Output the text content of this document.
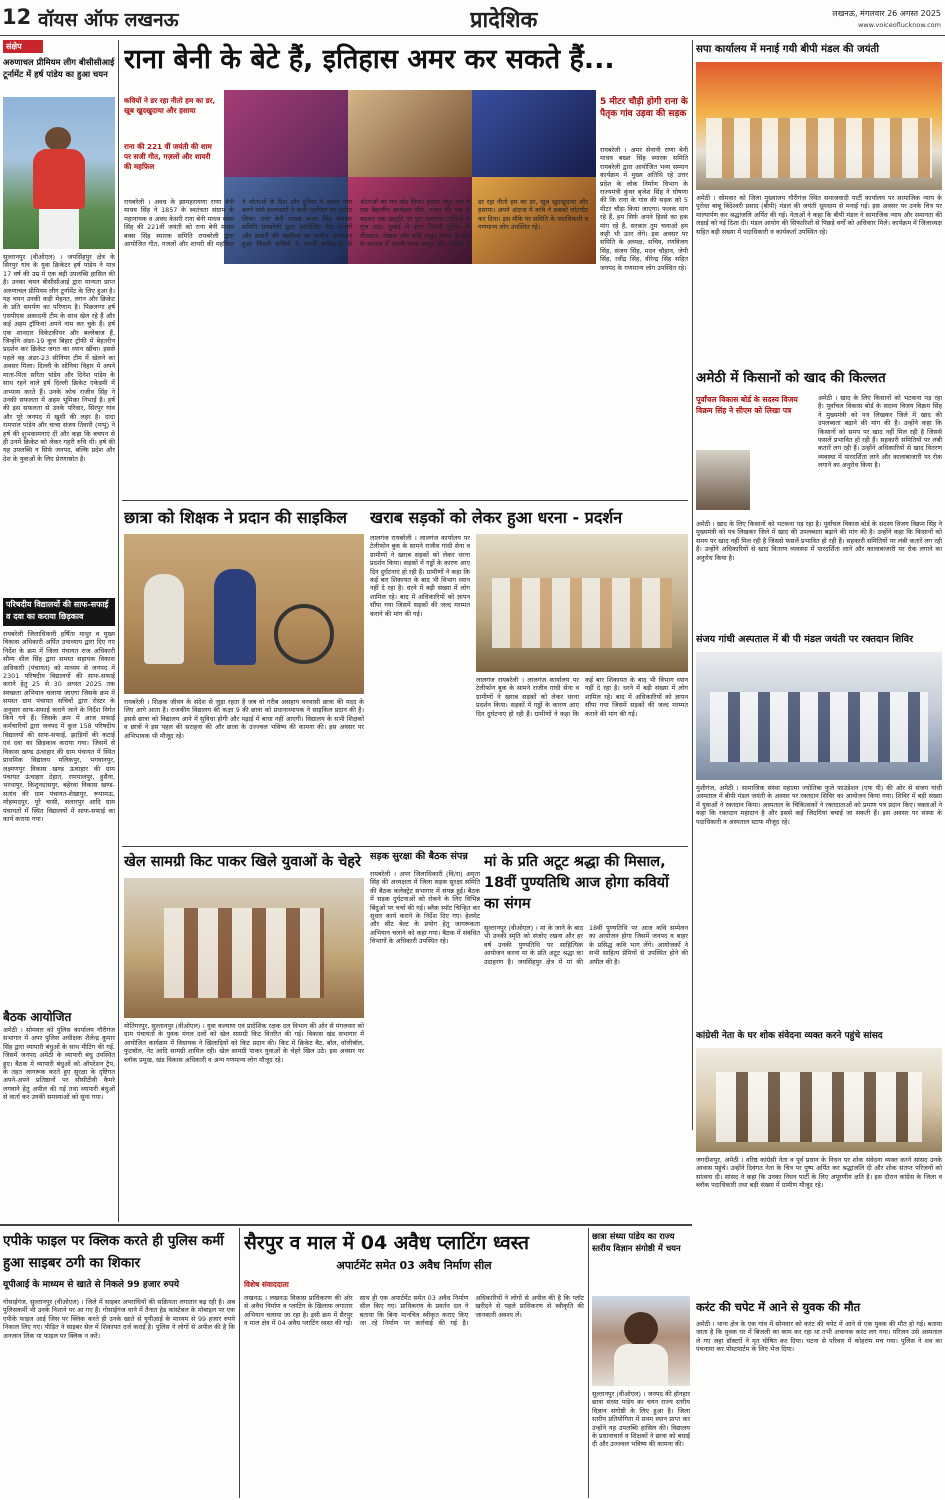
12 वॉयस ऑफ लखनऊ	प्रादेशिक	लखनऊ, मंगलवार 26 अगस्त 2025
www.voiceoflucknow.com
संक्षेप
अरुणाचल प्रीमियम लीग बीसीसीआई टूर्नामेंट में हर्ष पांडेय का हुआ चयन
सुल्तानपुर (वीओएल) । जयसिंहपुर क्षेत्र के सिरपुर गांव के युवा क्रिकेटर हर्ष पांडेय ने मात्र 17 वर्ष की उम्र में एक बड़ी उपलब्धि हासिल की है। उनका चयन बीसीसीआई द्वारा मान्यता प्राप्त अरुणाचल प्रीमियम लीग टूर्नामेंट के लिए हुआ है। यह चयन उनकी कड़ी मेहनत, लगन और क्रिकेट के प्रति समर्पण का परिणाम है। पिछलग्गा हर्ष एसपीएस अकादमी टीम के साथ खेल रहे हैं और कई अहम ट्रॉफियां अपने नाम कर चुके हैं। हर्ष एक शानदार विकेटकीपर और बल्लेबाज हैं, जिन्होंने अंडर-19 कूच बिहार ट्रॉफी में बेहतरीन प्रदर्शन कर क्रिकेट जगत का ध्यान खींचा। इससे पहले वह अंडर-23 सीनियर टीम में खेलने का अवसर मिला। दिल्ली के सोनिया विहार में अपने माता-पिता सरिता पांडेय और दिनेश पांडेय के साथ रहने वाले हर्ष दिल्ली क्रिकेट एकेडमी में अभ्यास करते हैं। उनके कोच राजीव सिंह ने उनकी सफलता में अहम भूमिका निभाई है। हर्ष की इस सफलता से उनके परिवार, सिरपुर गांव और पूरे जनपद में खुशी की लहर है। दादा रामपाल पांडेय और चाचा संजय तिवारी (पप्पू) ने हर्ष की शुभकामनाएं दीं और कहा कि बचपन से ही उनमें क्रिकेट को लेकर गहरी रुचि थी। हर्ष की यह उपलब्धि न सिर्फ जनपद, बल्कि प्रदेश और देश के युवाओं के लिए प्रेरणास्रोत है।
परिषदीय विद्यालयों की साफ-सफाई व दवा का कराया छिड़काव
रायबरेली जिलाधिकारी हर्षिता माथुर व मुख्य विकास अधिकारी अर्पित उपाध्याय द्वारा दिए गए निर्देश के क्रम में जिला पंचायत राज अधिकारी सौम्य शील सिंह द्वारा समस्त सहायक विकास अधिकारी (पंचायत) को माध्यम से जनपद में 2301 परिषदीय विद्यालयों की साफ-सफाई कराने हेतु 25 से 30 अगस्त 2025 तक स्वच्छता अभियान चलाया जाएगा जिसके क्रम में समस्त ग्राम पंचायत सचिवों द्वारा रोस्टर के अनुसार साफ-सफाई कराने जाने के निर्देश निर्गत किये गये हैं। जिसके क्रम में आज सफाई कर्मचारियों द्वारा जनपद में कुल 158 परिषदीय विद्यालयों की साफ-सफाई, झाड़ियों की कटाई एवं दवा का छिड़काव कराया गया। जिसमें से विकास खण्ड ऊंचाहार की ग्राम पंचायत में स्थित प्राथमिक विद्यालय मलिकपुर, भगवानपुर, लक्ष्मणपुर विकास खण्ड ऊंचाहार की ग्राम पंचायत ऊंचाहार देहात, रामपालपुर, हुसैना, भरथापुर, किशुनदासपुर, बहेरवा विकास खण्ड- सतांव की ग्राम पंचायत-शेखापुर, रूपामऊ, मोहम्मदपुर, पूरे चासी, सलारपुर आदि ग्राम पंचायतों में स्थित विद्यालयों में साफ-सफाई का कार्य कराया गया।
बैठक आयोजित
अमेठी । सोमवार को पुलिस कार्यालय गौरीगंज सभागार में अपर पुलिस अधीक्षक शैलेन्द्र कुमार सिंह द्वारा व्यापारी बंधुओं के साथ मीटिंग की गई, जिसमें जनपद अमेठी के व्यापारी बंधु उपस्थित हुए। बैठक में व्यापारी बंधुओं को ऑपरेशन ट्रैप, के तहत जागरूक करते हुए सुरक्षा के दृष्टिगत अपने-अपने प्रतिष्ठानों पर सीसीटीवी कैमरे लगवाने हेतु अपील की गई तथा व्यापारी बंधुओं से वार्ता कर उनकी समस्याओं को सुना गया।
राना बेनी के बेटे हैं, इतिहास अमर कर सकते हैं...
कवियों ने डर रहा नीतो हम का डर, खूब खुदखुदाया और हसाया
राना की 221 वीं जयंती की शाम पर सजी गीत, गज़लों और शायरी की महफ़िल
रायबरेली । अवध के झामहरायणा राणा बेनी माधव सिंह ने 1857 के स्वतंत्रता संग्राम के महानायक व अवध केसरी राना बेनी माधव बक्स सिंह की 221वीं जयंती को राना बेनी माधव बक्स सिंह स्मारक समिति रायबरेली द्वारा आयोजित गीत, गजलों और शायरी की महफिल ने श्रोताओं के दिल और दुनिया में अपना नाम करने वाले कलाकारों ने सजी महफिल का आनंद लिया। राना बेनी माधव बक्स सिंह स्मारक समिति रायबरेली द्वारा आयोजित गीत गजलों और शायरी की महफिल का सजीव आयोजन हुआ जिसमें कवियों ने अपनी कविताओं से श्रोताओं का मन मोह लिया। हरदम मधुर स्वर में एक बेहतरीन कार्यक्रम गीत, गजल की एक से बढ़कर एक प्रस्तुति पर पूरा सभागार तालियों से गूंज उठा। मुम्बई से आए फिल्मी दुनिया के गीतकार, लेखक और कवि प्रखुद नीरज ने राना के सम्मान में अपनी रचना प्रस्तुत की। कवियों ने डर रहा नीतो हम का डर, खूब खुदखुदाया और हसाया। अपने अंदाज में कवि ने सबको लोटपोट कर दिया। इस मौके पर समिति के पदाधिकारी व गणमान्य लोग उपस्थित रहे।
5 मीटर चौड़ी होगी राना के पैतृक गांव उड़वा की सड़क
रायबरेली । अमर सेनानी राणा बेनी माधव बख्श सिंह स्मारक समिति रायबरेली द्वारा आयोजित भव्य सम्मान कार्यक्रम में मुख्य अतिथि रहे उत्तर प्रदेश के लोक निर्माण विभाग के राज्यमंत्री कुंवर बृजेश सिंह ने घोषणा की कि राना के गांव की सड़क को 5 मीटर चौड़ा किया जाएगा। फलक मांग रहे हैं, हम सिर्फ अपने हिस्से का हक मांग रहे हैं, सरकार तुम चलाओ हम कही भी उतर लेंगे। इस अवसर पर समिति के अध्यक्ष, सचिव, रणविजय सिंह, संजय सिंह, मदन चौहान, जेपी सिंह, रवींद्र सिंह, वीरेन्द्र सिंह सहित जनपद के गणमान्य लोग उपस्थित रहे।
छात्रा को शिक्षक ने प्रदान की साइकिल
रायबरेली । शिक्षक जीवन के संदेश से जुड़ा रहता है जब वो गरीब असहाय वनवासी छात्रा की मदद के लिए आगे आता है। राजकीय विद्यालय की कक्षा 9 की छात्रा को प्रधानाध्यापक ने साइकिल प्रदान की है। इससे छात्रा को विद्यालय आने में सुविधा होगी और पढ़ाई में बाधा नहीं आएगी। विद्यालय के सभी शिक्षकों व छात्रों ने इस पहल की सराहना की और छात्रा के उज्ज्वल भविष्य की कामना की। इस अवसर पर अभिभावक भी मौजूद रहे।
खराब सड़कों को लेकर हुआ धरना - प्रदर्शन
लालगंज रायबरेली । लालगंज कार्यालय पर टेलीफोन बुक के सामने राजीव गांधी सेना व ग्रामीणों ने खराब सड़कों को लेकर धरना प्रदर्शन किया। सड़कों में गड्ढों के कारण आए दिन दुर्घटनाएं हो रही हैं। ग्रामीणों ने कहा कि कई बार शिकायत के बाद भी विभाग ध्यान नहीं दे रहा है। धरने में बड़ी संख्या में लोग शामिल रहे। बाद में अधिकारियों को ज्ञापन सौंपा गया जिसमें सड़कों की जल्द मरम्मत कराने की मांग की गई।
लालगंज रायबरेली । लालगंज कार्यालय पर टेलीफोन बुक के सामने राजीव गांधी सेना व ग्रामीणों ने खराब सड़कों को लेकर धरना प्रदर्शन किया। सड़कों में गड्ढों के कारण आए दिन दुर्घटनाएं हो रही हैं। ग्रामीणों ने कहा कि कई बार शिकायत के बाद भी विभाग ध्यान नहीं दे रहा है। धरने में बड़ी संख्या में लोग शामिल रहे। बाद में अधिकारियों को ज्ञापन सौंपा गया जिसमें सड़कों की जल्द मरम्मत कराने की मांग की गई।
खेल सामग्री किट पाकर खिले युवाओं के चेहरे
मोतिगरपुर, सुल्तानपुर (वीओएल) । युवा कल्याण एवं प्रादेशिक रक्षक दल विभाग की ओर से मंगलवार को ग्राम पंचायतों के युवक मंगल दलों को खेल सामग्री किट वितरित की गई। विकास खंड सभागार में आयोजित कार्यक्रम में विधायक ने खिलाड़ियों को किट प्रदान की। किट में क्रिकेट बैट, बॉल, वॉलीबॉल, फुटबॉल, नेट आदि सामग्री शामिल रही। खेल सामग्री पाकर युवाओं के चेहरे खिल उठे। इस अवसर पर ब्लॉक प्रमुख, खंड विकास अधिकारी व अन्य गणमान्य लोग मौजूद रहे।
सड़क सुरक्षा की बैठक संपन्न
रायबरेली । अपर जिलाधिकारी (वि/रा) अमृता सिंह की अध्यक्षता में जिला सड़क सुरक्षा समिति की बैठक कलेक्ट्रेट सभागार में संपन्न हुई। बैठक में सड़क दुर्घटनाओं को रोकने के लिए विभिन्न बिंदुओं पर चर्चा की गई। ब्लैक स्पॉट चिन्हित कर सुधार कार्य कराने के निर्देश दिए गए। हेलमेट और सीट बेल्ट के प्रयोग हेतु जागरूकता अभियान चलाने को कहा गया। बैठक में संबंधित विभागों के अधिकारी उपस्थित रहे।
मां के प्रति अटूट श्रद्धा की मिसाल, 18वीं पुण्यतिथि आज होगा कवियों का संगम
सुल्तानपुर (वीओएल) । मां के जाने के बाद भी उनकी स्मृति को संजोए रखना और हर वर्ष उनकी पुण्यतिथि पर साहित्यिक आयोजन करना मां के प्रति अटूट श्रद्धा का उदाहरण है। जयसिंहपुर क्षेत्र में मां की 18वीं पुण्यतिथि पर आज कवि सम्मेलन का आयोजन होगा जिसमें जनपद व बाहर के प्रसिद्ध कवि भाग लेंगे। आयोजकों ने सभी साहित्य प्रेमियों से उपस्थित होने की अपील की है।
सपा कार्यालय में मनाई गयी बीपी मंडल की जयंती
अमेठी । सोमवार को जिला मुख्यालय गौरीगंज स्थित समाजवादी पार्टी कार्यालय पर सामाजिक न्याय के पुरोधा बाबू बिंदेश्वरी प्रसाद (बीपी) मंडल की जयंती धूमधाम से मनाई गई। इस अवसर पर उनके चित्र पर माल्यार्पण कर श्रद्धांजलि अर्पित की गई। नेताओं ने कहा कि बीपी मंडल ने सामाजिक न्याय और समानता की लड़ाई को नई दिशा दी। मंडल आयोग की सिफारिशों से पिछड़े वर्गों को अधिकार मिले। कार्यक्रम में जिलाध्यक्ष सहित बड़ी संख्या में पदाधिकारी व कार्यकर्ता उपस्थित रहे।
अमेठी में किसानों को खाद की किल्लत
पूर्वांचल विकास बोर्ड के सदस्य विजय विक्रम सिंह ने सीएम को लिखा पत्र
अमेठी । खाद के लिए किसानों को भटकना पड़ रहा है। पूर्वांचल विकास बोर्ड के सदस्य विजय विक्रम सिंह ने मुख्यमंत्री को पत्र लिखकर जिले में खाद की उपलब्धता बढ़ाने की मांग की है। उन्होंने कहा कि किसानों को समय पर खाद नहीं मिल रही है जिससे फसलें प्रभावित हो रही हैं। सहकारी समितियों पर लंबी कतारें लग रही हैं। उन्होंने अधिकारियों से खाद वितरण व्यवस्था में पारदर्शिता लाने और कालाबाजारी पर रोक लगाने का अनुरोध किया है।
अमेठी । खाद के लिए किसानों को भटकना पड़ रहा है। पूर्वांचल विकास बोर्ड के सदस्य विजय विक्रम सिंह ने मुख्यमंत्री को पत्र लिखकर जिले में खाद की उपलब्धता बढ़ाने की मांग की है। उन्होंने कहा कि किसानों को समय पर खाद नहीं मिल रही है जिससे फसलें प्रभावित हो रही हैं। सहकारी समितियों पर लंबी कतारें लग रही हैं। उन्होंने अधिकारियों से खाद वितरण व्यवस्था में पारदर्शिता लाने और कालाबाजारी पर रोक लगाने का अनुरोध किया है।
संजय गांधी अस्पताल में बी पी मंडल जयंती पर रक्तदान शिविर
मुंशीगंज, अमेठी । सामाजिक संस्था महात्मा ज्योतिबा फुले फाउंडेशन (एफ पी) की ओर से संजय गांधी अस्पताल में बीपी मंडल जयंती के अवसर पर रक्तदान शिविर का आयोजन किया गया। शिविर में बड़ी संख्या में युवाओं ने रक्तदान किया। अस्पताल के चिकित्सकों ने रक्तदाताओं को प्रमाण पत्र प्रदान किए। वक्ताओं ने कहा कि रक्तदान महादान है और इससे कई जिंदगियां बचाई जा सकती हैं। इस अवसर पर संस्था के पदाधिकारी व अस्पताल स्टाफ मौजूद रहे।
कांग्रेसी नेता के घर शोक संवेदना व्यक्त करने पहुंचे सांसद
जगदीशपुर, अमेठी । वरिष्ठ कांग्रेसी नेता व पूर्व प्रधान के निधन पर शोक संवेदना व्यक्त करने सांसद उनके आवास पहुंचे। उन्होंने दिवंगत नेता के चित्र पर पुष्प अर्पित कर श्रद्धांजलि दी और शोक संतप्त परिजनों को सांत्वना दी। सांसद ने कहा कि उनका निधन पार्टी के लिए अपूरणीय क्षति है। इस दौरान कांग्रेस के जिला व ब्लॉक पदाधिकारी तथा बड़ी संख्या में ग्रामीण मौजूद रहे।
करंट की चपेट में आने से युवक की मौत
अमेठी । थाना क्षेत्र के एक गांव में सोमवार को करंट की चपेट में आने से एक युवक की मौत हो गई। बताया जाता है कि युवक घर में बिजली का काम कर रहा था तभी अचानक करंट लग गया। परिजन उसे अस्पताल ले गए जहां डॉक्टरों ने मृत घोषित कर दिया। घटना से परिवार में कोहराम मच गया। पुलिस ने शव का पंचनामा कर पोस्टमार्टम के लिए भेज दिया।
एपीके फाइल पर क्लिक करते ही पुलिस कर्मी हुआ साइबर ठगी का शिकार
यूपीआई के माध्यम से खाते से निकले 99 हजार रुपये
गोसाईगंज, सुल्तानपुर (वीओएल) । जिले में साइबर अपराधियों की सक्रियता लगातार बढ़ रही है। अब पुलिसकर्मी भी उनके निशाने पर आ गए हैं। गोसाईगंज थाने में तैनात हेड कांस्टेबल के मोबाइल पर एक एपीके फाइल आई जिस पर क्लिक करते ही उनके खाते से यूपीआई के माध्यम से 99 हजार रुपये निकाल लिए गए। पीड़ित ने साइबर सेल में शिकायत दर्ज कराई है। पुलिस ने लोगों से अपील की है कि अनजान लिंक या फाइल पर क्लिक न करें।
सैरपुर व माल में 04 अवैध प्लाटिंग ध्वस्त
अपार्टमेंट समेत 03 अवैध निर्माण सील
विशेष संवाददाता
लखनऊ । लखनऊ विकास प्राधिकरण की ओर से अवैध निर्माण व प्लाटिंग के खिलाफ लगातार अभियान चलाया जा रहा है। इसी क्रम में सैरपुर व माल क्षेत्र में 04 अवैध प्लाटिंग ध्वस्त की गई। साथ ही एक अपार्टमेंट समेत 03 अवैध निर्माण सील किए गए। प्राधिकरण के प्रवर्तन दल ने बताया कि बिना मानचित्र स्वीकृत कराए किए जा रहे निर्माण पर कार्रवाई की गई है। अधिकारियों ने लोगों से अपील की है कि प्लॉट खरीदने से पहले प्राधिकरण से स्वीकृति की जानकारी अवश्य लें।
छात्रा संध्या पांडेय का राज्य स्तरीय विज्ञान संगोष्ठी में चयन
सुल्तानपुर (वीओएल) । जनपद की होनहार छात्रा संध्या पांडेय का चयन राज्य स्तरीय विज्ञान संगोष्ठी के लिए हुआ है। जिला स्तरीय प्रतियोगिता में प्रथम स्थान प्राप्त कर उन्होंने यह उपलब्धि हासिल की। विद्यालय के प्रधानाचार्य व शिक्षकों ने छात्रा को बधाई दी और उज्ज्वल भविष्य की कामना की।
